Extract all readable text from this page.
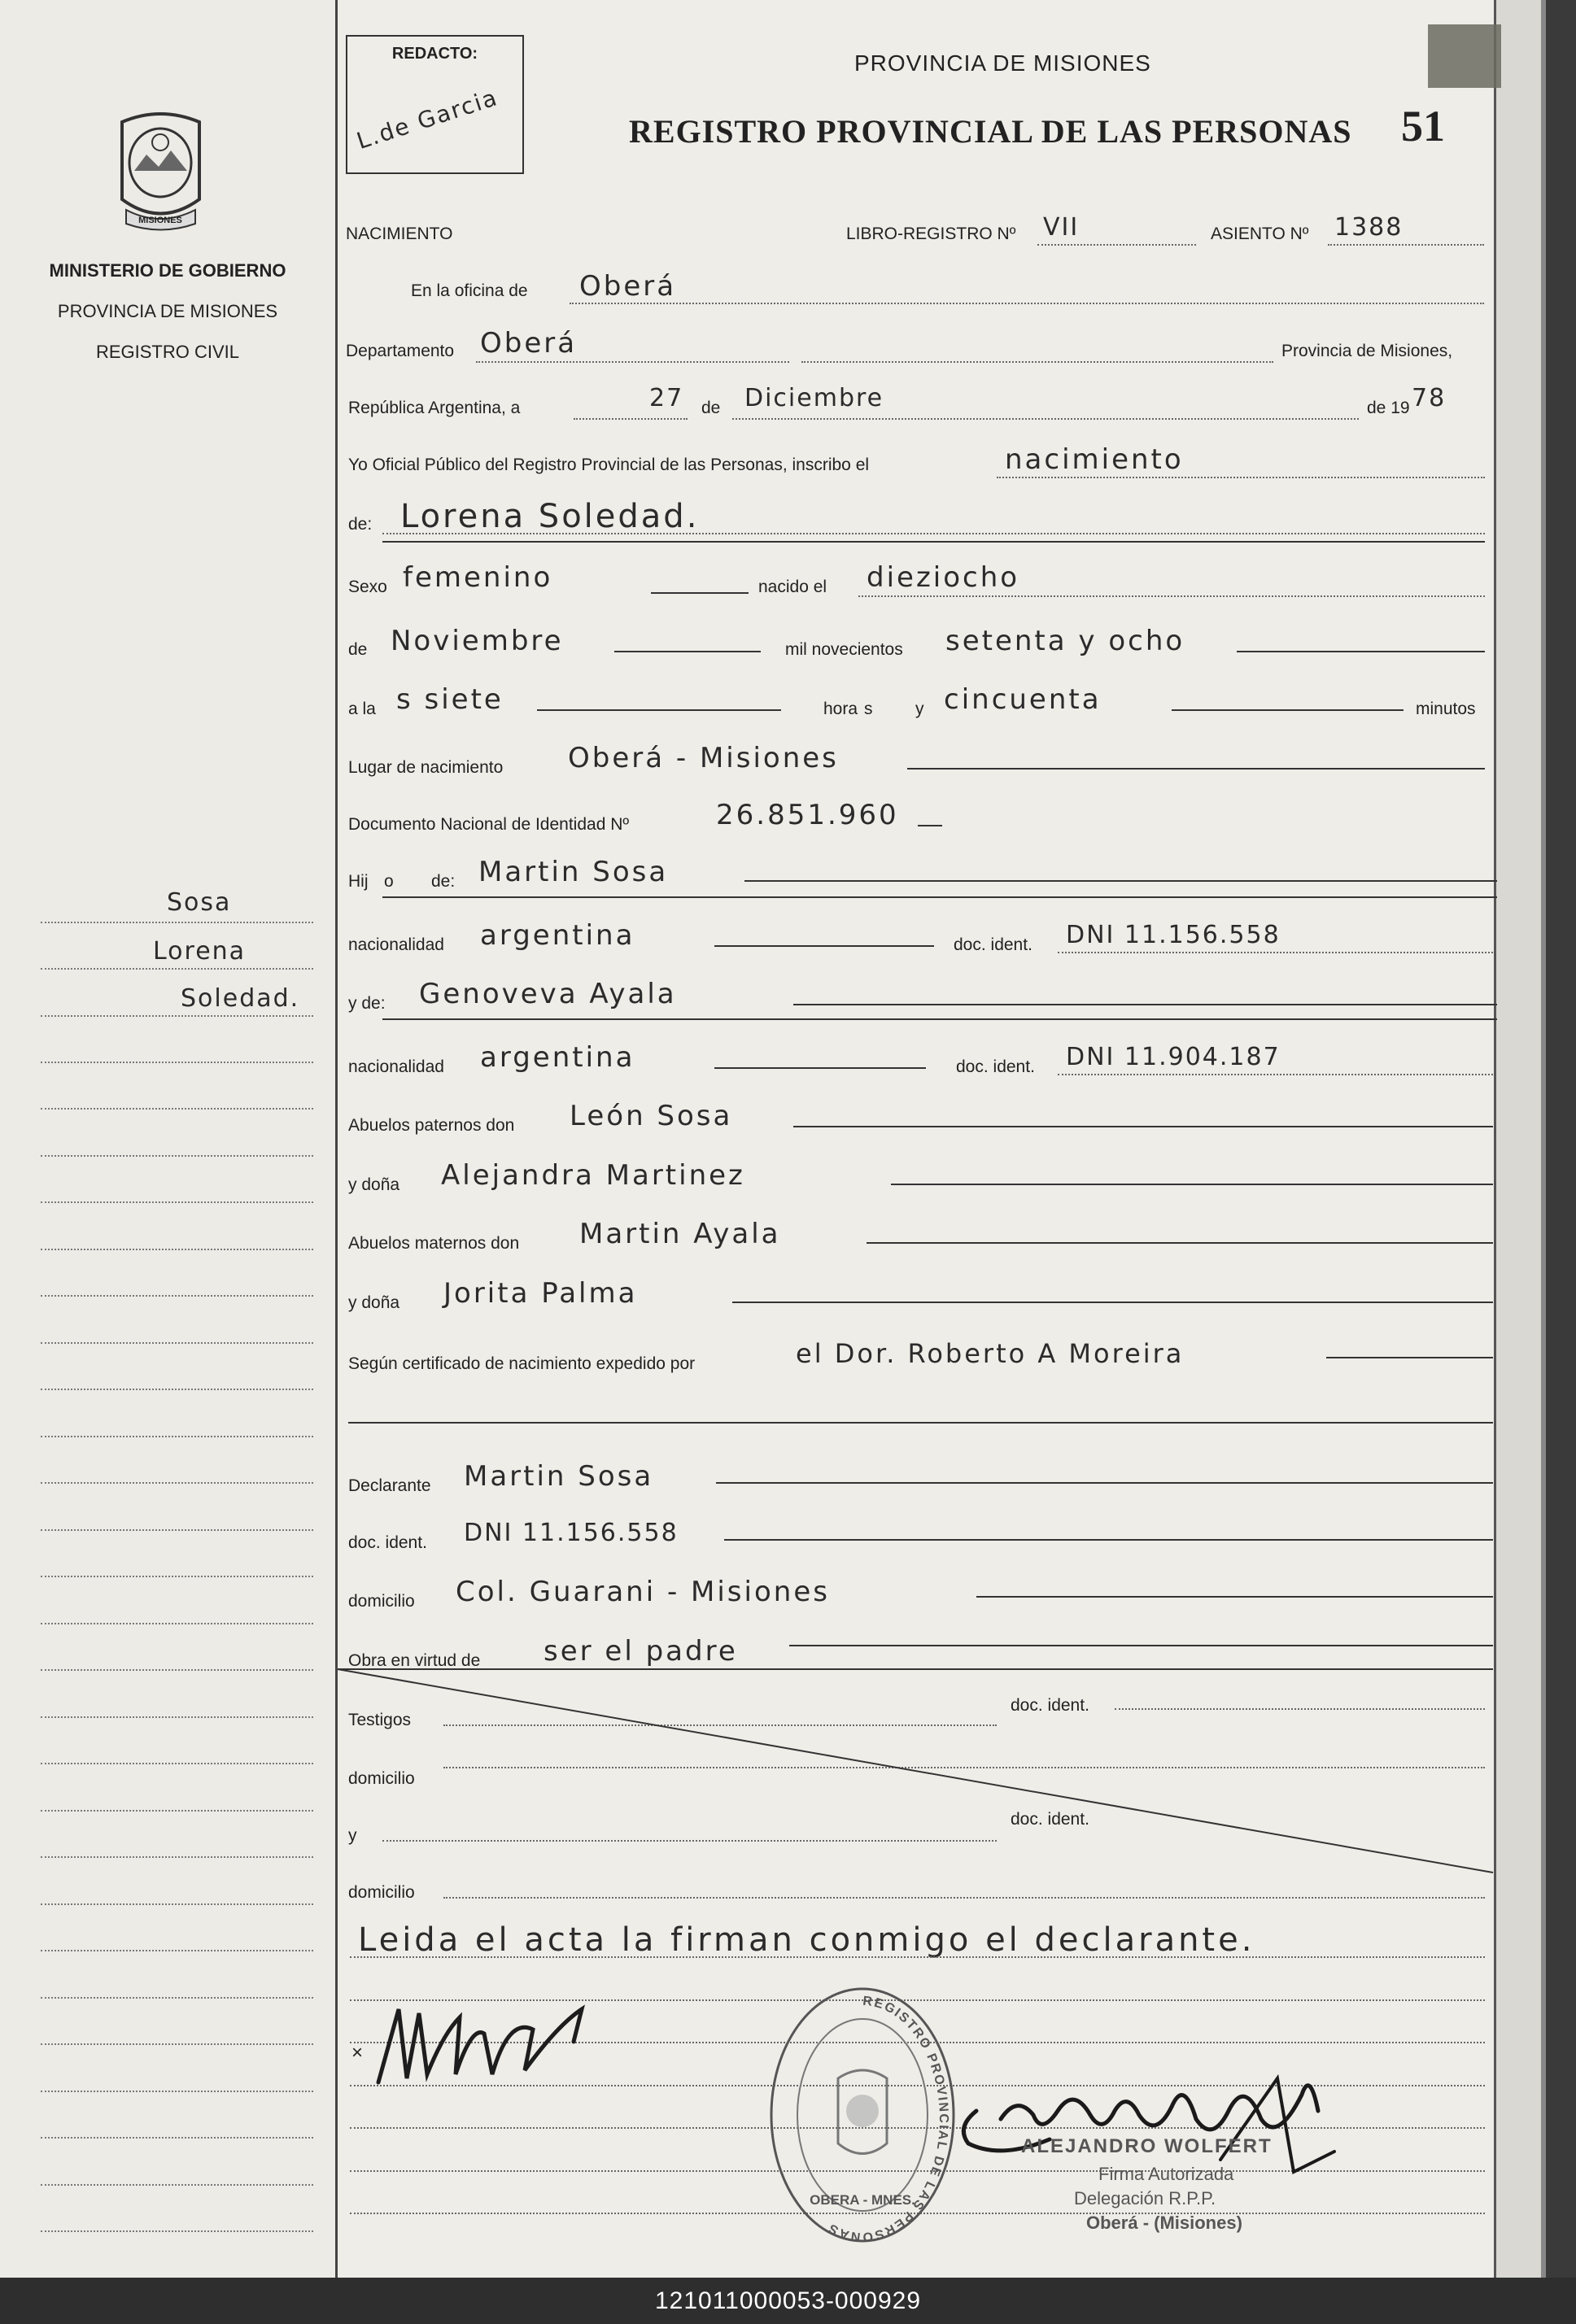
MISIONES
MINISTERIO DE GOBIERNO
PROVINCIA DE MISIONES
REGISTRO CIVIL
Sosa
Lorena
Soledad.
REDACTO:
L.de Garcia
PROVINCIA DE MISIONES
REGISTRO PROVINCIAL DE LAS PERSONAS 51
NACIMIENTO	LIBRO-REGISTRO Nº VII	ASIENTO Nº 1388
En la oficina de Oberá
Departamento Oberá	Provincia de Misiones,
República Argentina, a	27 de Diciembre	de 19 78
Yo Oficial Público del Registro Provincial de las Personas, inscribo el	nacimiento
de: Lorena Soledad.
Sexo femenino	nacido el dieziocho
de Noviembre	mil novecientos setenta y ocho
a la s siete	hora s	y cincuenta	minutos
Lugar de nacimiento Oberá - Misiones
Documento Nacional de Identidad Nº	26.851.960
Hij o de: Martin Sosa
nacionalidad argentina	doc. ident. DNI 11.156.558
y de: Genoveva Ayala
nacionalidad argentina	doc. ident. DNI 11.904.187
Abuelos paternos don León Sosa
y doña Alejandra Martinez
Abuelos maternos don Martin Ayala
y doña Jorita Palma
Según certificado de nacimiento expedido por	el Dor. Roberto A Moreira
Declarante Martin Sosa
doc. ident. DNI 11.156.558
domicilio Col. Guarani - Misiones
Obra en virtud de ser el padre
Testigos
doc. ident.
domicilio
y
doc. ident.
domicilio
Leida el acta la firman conmigo el declarante.
×
REGISTRO PROVINCIAL DE LAS PERSONAS
OBERA - MNES.
ALEJANDRO WOLFERT
Firma Autorizada
Delegación R.P.P.
Oberá - (Misiones)
121011000053-000929
